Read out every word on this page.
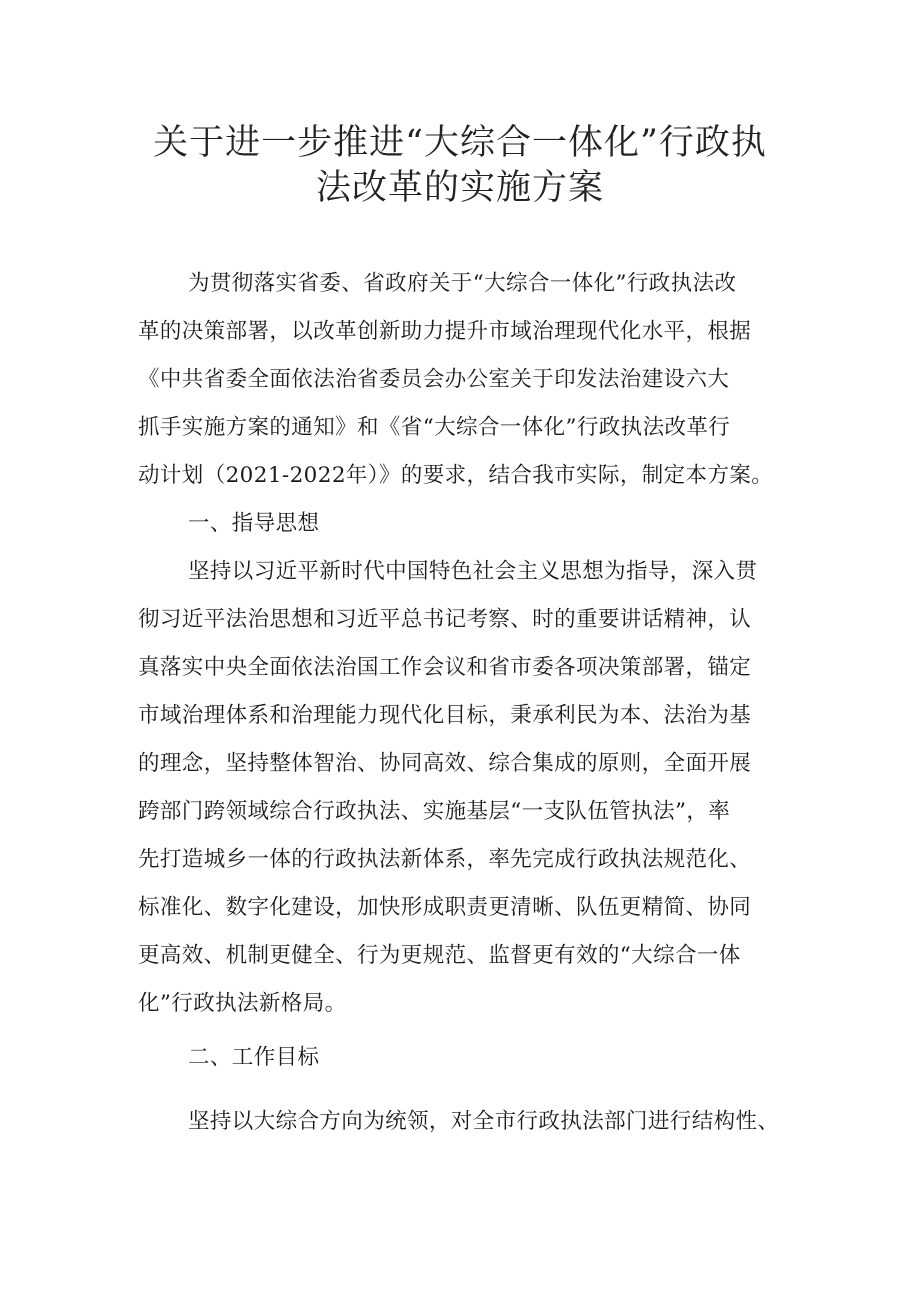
关于进一步推进“大综合一体化”行政执
法改革的实施方案
为贯彻落实省委、省政府关于“大综合一体化”行政执法改
革的决策部署，以改革创新助力提升市域治理现代化水平，根据
《中共省委全面依法治省委员会办公室关于印发法治建设六大
抓手实施方案的通知》和《省“大综合一体化”行政执法改革行
动计划（2021-2022年）》的要求，结合我市实际，制定本方案。
一、指导思想
坚持以习近平新时代中国特色社会主义思想为指导，深入贯
彻习近平法治思想和习近平总书记考察、时的重要讲话精神，认
真落实中央全面依法治国工作会议和省市委各项决策部署，锚定
市域治理体系和治理能力现代化目标，秉承利民为本、法治为基
的理念，坚持整体智治、协同高效、综合集成的原则，全面开展
跨部门跨领域综合行政执法、实施基层“一支队伍管执法”，率
先打造城乡一体的行政执法新体系，率先完成行政执法规范化、
标准化、数字化建设，加快形成职责更清晰、队伍更精简、协同
更高效、机制更健全、行为更规范、监督更有效的“大综合一体
化”行政执法新格局。
二、工作目标
坚持以大综合方向为统领，对全市行政执法部门进行结构性、
